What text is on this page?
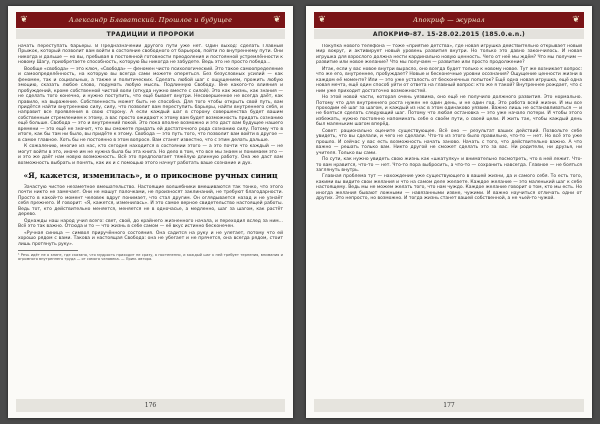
❦	Александр Блаватский. Прошлое и будущее	❦
ТРАДИЦИИ И ПРОРОКИ

начать переступать барьеры. В Предназначении другого пути уже нет. Один выход: сделать Главный Прыжок, который позволит вам войти в состояние свободного от барьеров, пойти по внутреннему пути. Они никогда и дальше — но вы, пребывая в постоянной готовности преодоления и постоянной устремлённости к новому Шагу, приобретаете способность, которую Вы никогда не забудете. Ведь это не просто победа...

Вообще «свобода» — это ключ, «Свобода» — феномен чисто психологический. Это такое самоопределение и самоопределённость, на которую вы всегда сами можете опереться. Без безусловных усилий — как феномен, так и социальных, а также и политических. Сделать любой шаг с ощущением, прожить любую эмоцию, сказать любое слово, подумать любую мысль. Подлинную Свободу. Вне какого-то влияния и пробуждений, кроме собственной чистой воли (откуда нужно вместе с силой). Это как жизнь, как знания — не сделать того конечно, и нужно поступить, что ещё бывает внутри. Несовершенное не всегда даёт, как правило, на выражение. Собственность может быть не способна. Для того чтобы открыть свой путь, вам придётся найти внутреннюю силу, силу, что позволит вам переступить барьеры, найти внутреннего себя, и направит все проявления в свою сторону. А если каждый шаг в сторону совершенства будет вашим собственным стремлением к этому, а вас просто ожидают к этому вам будет возможность придать сознанию ещё больше. Свобода — это и внутренний покой. Это пока вполне возможно и это даст вам будущее нашего времени — это ещё не значит, что вы сможете придать ей достаточного рода сознанию силу. Потому что в итоге, как бы там ни было, вы придёте к этому. Свобода — это путь того, что позволит вам войти в другое — в самое главное. Хоть бы не постоянно в этом вопросе. Вам станет известно, что с этим делать дальше.

К сожалению, многие из нас, кто сегодня находится в состоянии этого — а это почти что каждый — не могут войти в это, иначе им не нужна была бы эта книга. Но дело в том, что все мы знаем и понимаем это — и это же даёт нам новую возможность. Всё это предполагает тяжёлую длинную работу. Она же даст вам возможность выбрать и понять, как их и с помощью этого начнут работать ваше сознание и дух.

«Я, кажется, изменилась», и о прикоснове ручных синиц

Зачастую чистое незаметное вмешательство. Настоящие волшебники вмешиваются так тонко, что этого почти никто не замечает. Они не машут палочками, не произносят заклинаний, не требуют благодарности. Просто в какой-то момент человек вдруг понимает, что стал другим. Он оглядывается назад и не узнаёт себя прежнего. И говорит: «Я, кажется, изменилась». И это самое верное свидетельство настоящей работы. Ведь тот, кто действительно меняется, меняется не в одночасье, а медленно, шаг за шагом, как растёт дерево.

Однажды наш народ учил всего: свет, свой, до крайнего жизненного начала, и переходил вслед за ним... Всё это так важно. Отсюда и то — что жизнь в себе самом — её вкус истинно бесконечен.

«Ручная синица — символ приручённого состояния. Она садится на руку и не улетает, потому что ей хорошо рядом с вами. Такова и настоящая Свобода: она не убегает и не прячется, она всегда рядом, стоит лишь протянуть руку».

¹ Речь идёт не о книге, где сказано, что мудрость приходит не сразу, а постепенно, и каждый шаг к ней требует терпения, внимания и огромного внутреннего труда — от самого человека. — Прим. автора.

176
❦	Апокриф — журнал	❦
АПОКРИФ-87. 15-28.02.2015 (185.0.e.n.)

Покупка нового телефона — тоже «приятие детства», где новая игрушка действительно открывает новый мир вокруг, и активирует новый уровень развития внутри. Но только это давно закончилось. И новая игрушка для взрослого должна нести кардинально новую ценность. Чего от неё мы ждём? Что мы получим — развитие или новое желание? Что мы получаем — развитие или просто продолжение?

Итак, если у вас новое внутри вырасло, оно всегда будет только к новому новое. Тут же возникает вопрос: что же его, внутреннее, пробуждает? Новые и бесконечные уровни осознания? Ощущение ценности жизни в каждом её моменте? Или — это уже усталость от бесконечных попыток? Ещё одна новая игрушка, ещё одна новая мечта, ещё один способ уйти от ответа на главный вопрос: кто же я такой? Внутреннее рождает, что с ним уже приходит достаточно возможностей.

Но этой новой части, которая очень уязвима, оно ещё не получило должного развития. Это нормально. Потому что для внутреннего роста нужен не один день, и не один год. Это работа всей жизни. И мы все проходим её шаг за шагом, и каждый из нас в этом одинаково уязвим. Важно лишь не останавливаться — и не бояться сделать следующий шаг. Потому что любая остановка — это уже начало потери. И чтобы этого избежать, нужно постоянно напоминать себе о своём пути, о своей цели. И жить так, чтобы каждый день был маленьким шагом вперёд.

Совет: рационально оцените существующее. Всё оно — результат ваших действий. Позвольте себе увидеть, что вы сделали, и чего не сделали. Что-то из этого было правильно, что-то — нет. Но всё это уже прошло. И сейчас у вас есть возможность начать заново. Начать с того, что действительно важно. А что важно — решать только вам. Никто другой не сможет сделать это за вас. Ни родители, ни друзья, ни учителя. Только вы сами.

По сути, как нужно увидеть свою жизнь как «шкатулку» и внимательно посмотреть, что в ней лежит. Что-то вам нравится, что-то — нет. Что-то пора выбросить, а что-то — сохранить навсегда. Главное — не бояться заглянуть внутрь.

Главная проблема тут — нахождение уже существующего в вашей жизни, да и самого себя. То есть того, какими вы видите свои желания и что на самом деле желаете. Каждое желание — это маленький шаг к себе настоящему. Ведь мы не можем желать того, что нам чуждо. Каждое желание говорит о том, кто мы есть. Но иногда желания бывают ложными — навязанными извне, чужими. И важно научиться отличать одни от других. Это непросто, но возможно. И тогда жизнь станет вашей собственной, а не чьей-то чужой.

177
